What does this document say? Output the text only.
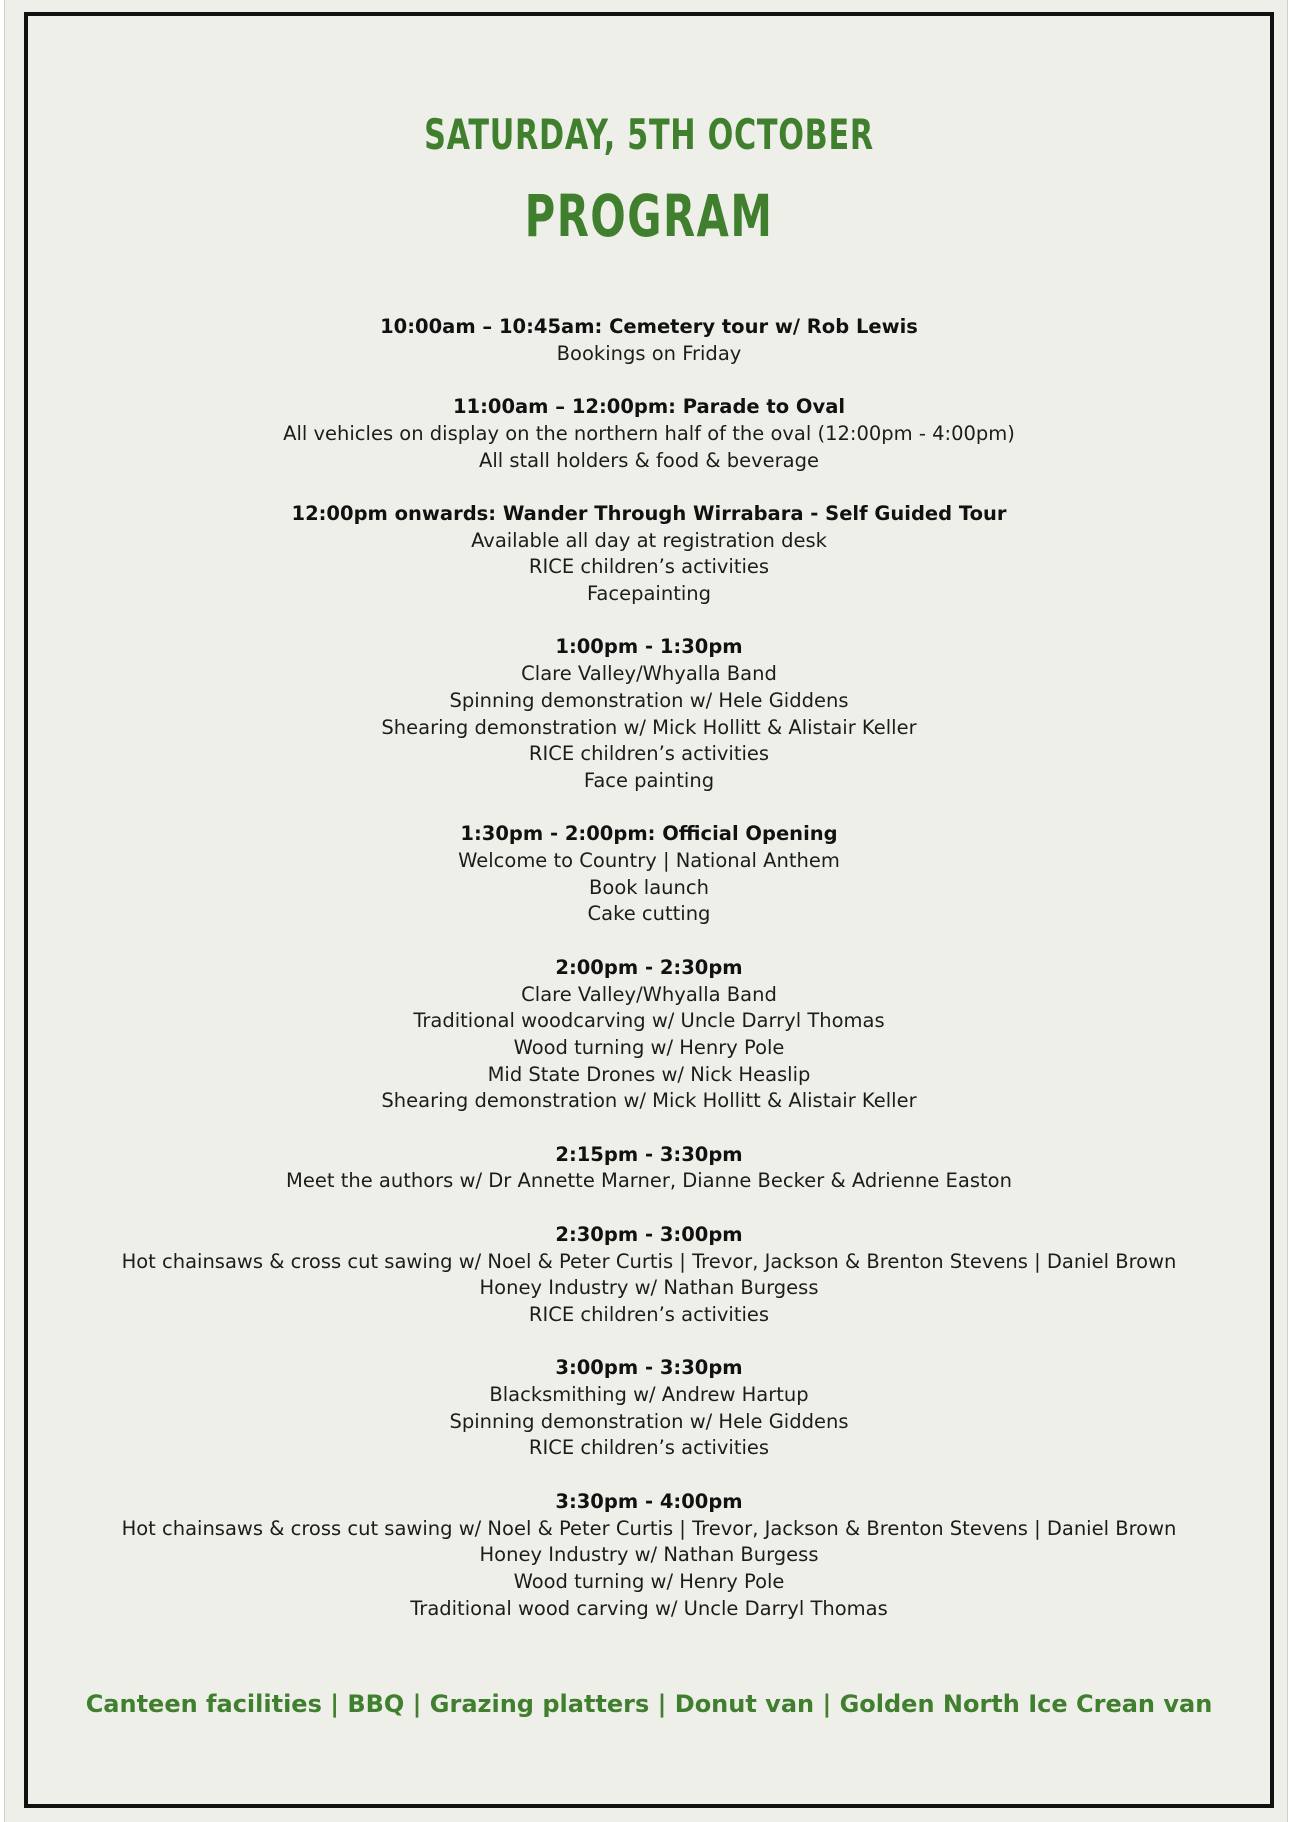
SATURDAY, 5TH OCTOBER
PROGRAM
10:00am – 10:45am: Cemetery tour w/ Rob Lewis
Bookings on Friday
11:00am – 12:00pm: Parade to Oval
All vehicles on display on the northern half of the oval (12:00pm - 4:00pm)
All stall holders & food & beverage
12:00pm onwards: Wander Through Wirrabara - Self Guided Tour
Available all day at registration desk
RICE children’s activities
Facepainting
1:00pm - 1:30pm
Clare Valley/Whyalla Band
Spinning demonstration w/ Hele Giddens
Shearing demonstration w/ Mick Hollitt & Alistair Keller
RICE children’s activities
Face painting
1:30pm - 2:00pm: Official Opening
Welcome to Country | National Anthem
Book launch
Cake cutting
2:00pm - 2:30pm
Clare Valley/Whyalla Band
Traditional woodcarving w/ Uncle Darryl Thomas
Wood turning w/ Henry Pole
Mid State Drones w/ Nick Heaslip
Shearing demonstration w/ Mick Hollitt & Alistair Keller
2:15pm - 3:30pm
Meet the authors w/ Dr Annette Marner, Dianne Becker & Adrienne Easton
2:30pm - 3:00pm
Hot chainsaws & cross cut sawing w/ Noel & Peter Curtis | Trevor, Jackson & Brenton Stevens | Daniel Brown
Honey Industry w/ Nathan Burgess
RICE children’s activities
3:00pm - 3:30pm
Blacksmithing w/ Andrew Hartup
Spinning demonstration w/ Hele Giddens
RICE children’s activities
3:30pm - 4:00pm
Hot chainsaws & cross cut sawing w/ Noel & Peter Curtis | Trevor, Jackson & Brenton Stevens | Daniel Brown
Honey Industry w/ Nathan Burgess
Wood turning w/ Henry Pole
Traditional wood carving w/ Uncle Darryl Thomas
Canteen facilities | BBQ | Grazing platters | Donut van | Golden North Ice Crean van
